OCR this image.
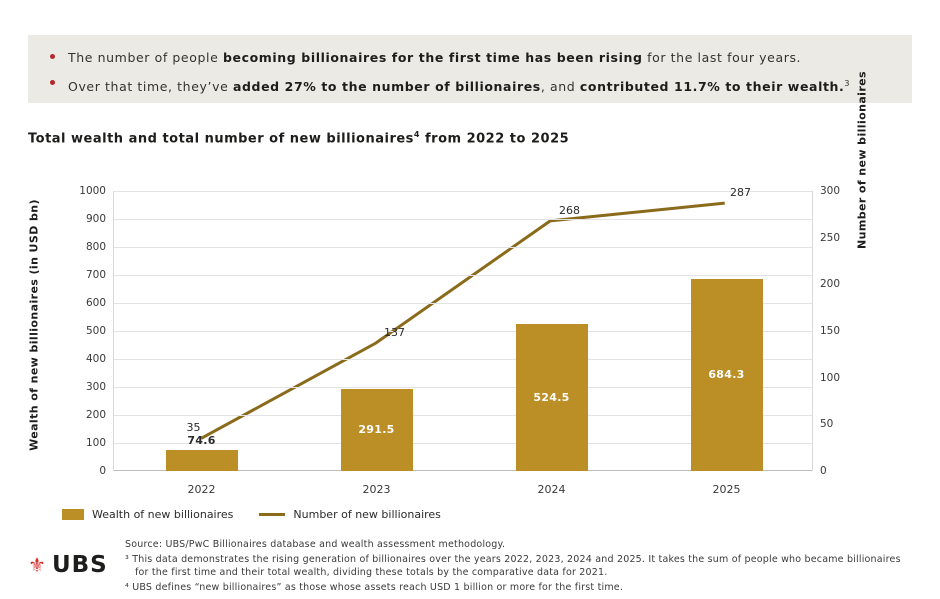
The number of people becoming billionaires for the first time has been rising for the last four years.
Over that time, they’ve added 27% to the number of billionaires, and contributed 11.7% to their wealth.$^3$
Total wealth and total number of new billionaires$^4$ from 2022 to 2025
Wealth of new billionaires (in USD bn)
0
100
200
300
400
500
600
700
800
900
1000
0
50
100
150
200
250
300
74.6
2022
291.5
2023
524.5
2024
684.3
2025
35
137
268
287	Number of new billionaires
Wealth of new billionaires	Number of new billionaires
Source: UBS/PwC Billionaires database and wealth assessment methodology.
³ This data demonstrates the rising generation of billionaires over the years 2022, 2023, 2024 and 2025. It takes the sum of people who became billionaires for the first time and their total wealth, dividing these totals by the comparative data for 2021.
⁴ UBS defines “new billionaires” as those whose assets reach USD 1 billion or more for the first time.
⚜ UBS
